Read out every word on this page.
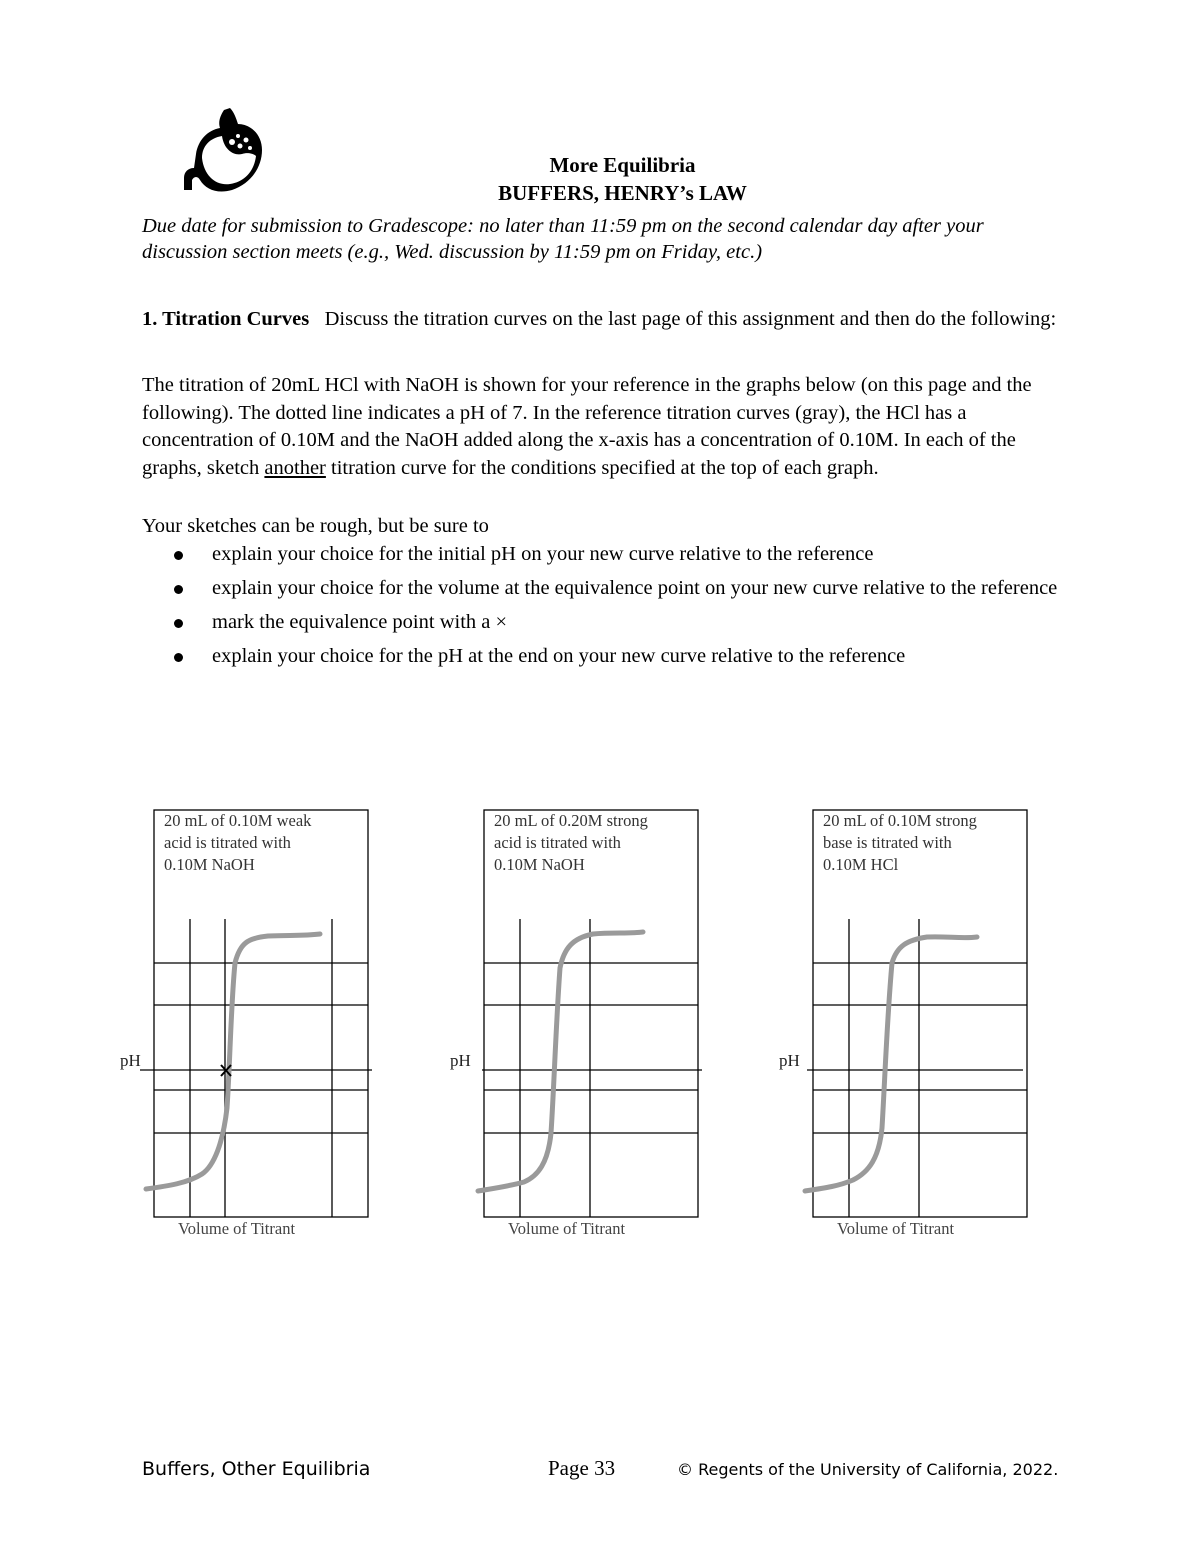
More Equilibria
BUFFERS, HENRY’s LAW
Due date for submission to Gradescope: no later than 11:59 pm on the second calendar day after your discussion section meets (e.g., Wed. discussion by 11:59 pm on Friday, etc.)
1. Titration Curves Discuss the titration curves on the last page of this assignment and then do the following:
The titration of 20mL HCl with NaOH is shown for your reference in the graphs below (on this page and the following). The dotted line indicates a pH of 7. In the reference titration curves (gray), the HCl has a concentration of 0.10M and the NaOH added along the x-axis has a concentration of 0.10M. In each of the graphs, sketch another titration curve for the conditions specified at the top of each graph.
Your sketches can be rough, but be sure to
explain your choice for the initial pH on your new curve relative to the reference
explain your choice for the volume at the equivalence point on your new curve relative to the reference
mark the equivalence point with a ×
explain your choice for the pH at the end on your new curve relative to the reference
20 mL of 0.10M weak
acid is titrated with
0.10M NaOH
pH
Volume of Titrant
20 mL of 0.20M strong
acid is titrated with
0.10M NaOH
pH
Volume of Titrant
20 mL of 0.10M strong
base is titrated with
0.10M HCl
pH
Volume of Titrant
Buffers, Other Equilibria	Page 33	© Regents of the University of California, 2022.
